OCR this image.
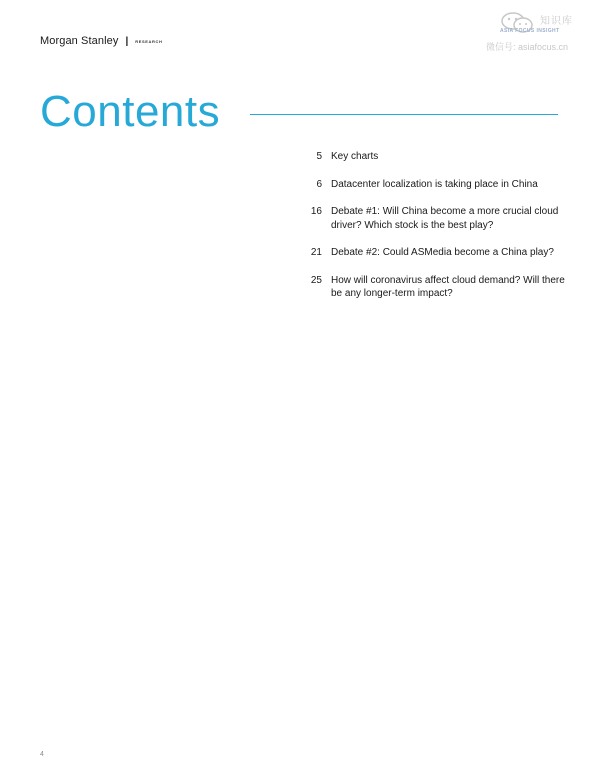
Morgan Stanley | RESEARCH
知识库
ASIA FOCUS INSIGHT
微信号: asiafocus.cn
Contents
5 Key charts
6 Datacenter localization is taking place in China
16 Debate #1: Will China become a more crucial cloud driver? Which stock is the best play?
21 Debate #2: Could ASMedia become a China play?
25 How will coronavirus affect cloud demand? Will there be any longer-term impact?
4
